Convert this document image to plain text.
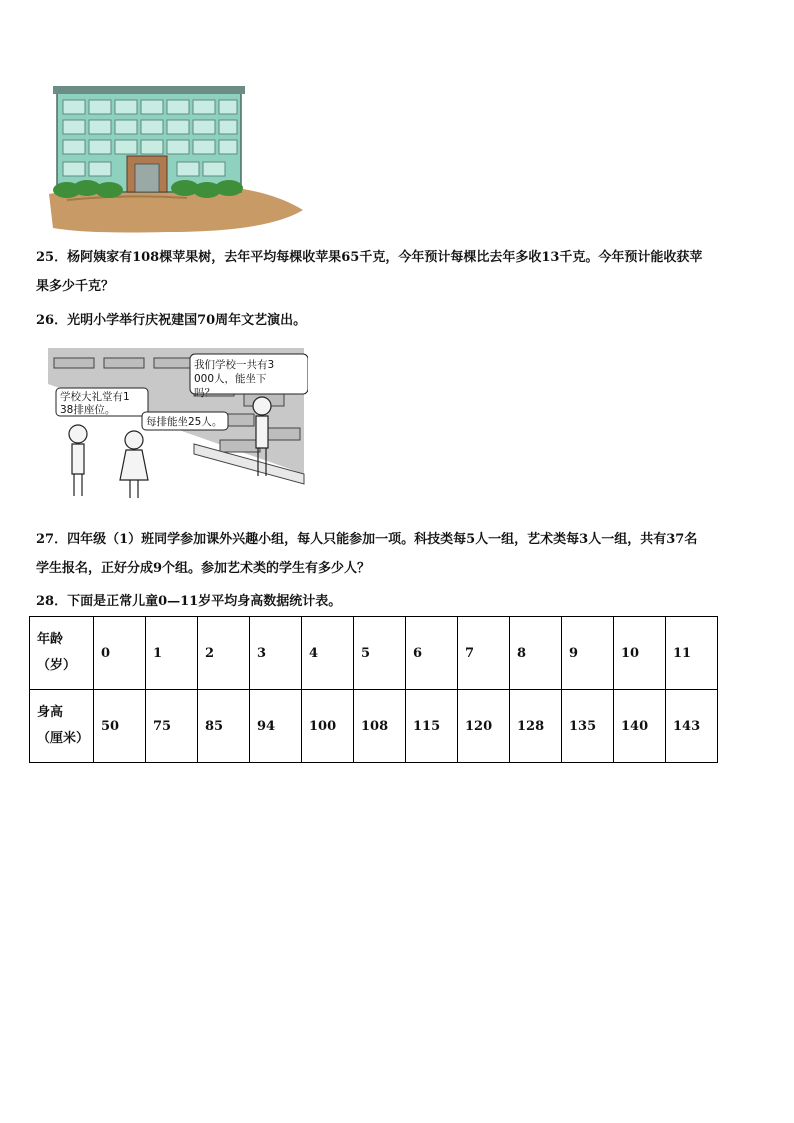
25．杨阿姨家有108棵苹果树，去年平均每棵收苹果65千克，今年预计每棵比去年多收13千克。今年预计能收获苹
果多少千克？
26．光明小学举行庆祝建国70周年文艺演出。
学校大礼堂有1 38排座位。
每排能坐25人。
我们学校一共有3 000人，能坐下吗？
27．四年级（1）班同学参加课外兴趣小组，每人只能参加一项。科技类每5人一组，艺术类每3人一组，共有37名
学生报名，正好分成9个组。参加艺术类的学生有多少人？
28．下面是正常儿童0—11岁平均身高数据统计表。
年龄
（岁）	0	1	2	3	4	5	6	7	8	9	10	11

身高
（厘米）	50	75	85	94	100	108	115	120	128	135	140	143
